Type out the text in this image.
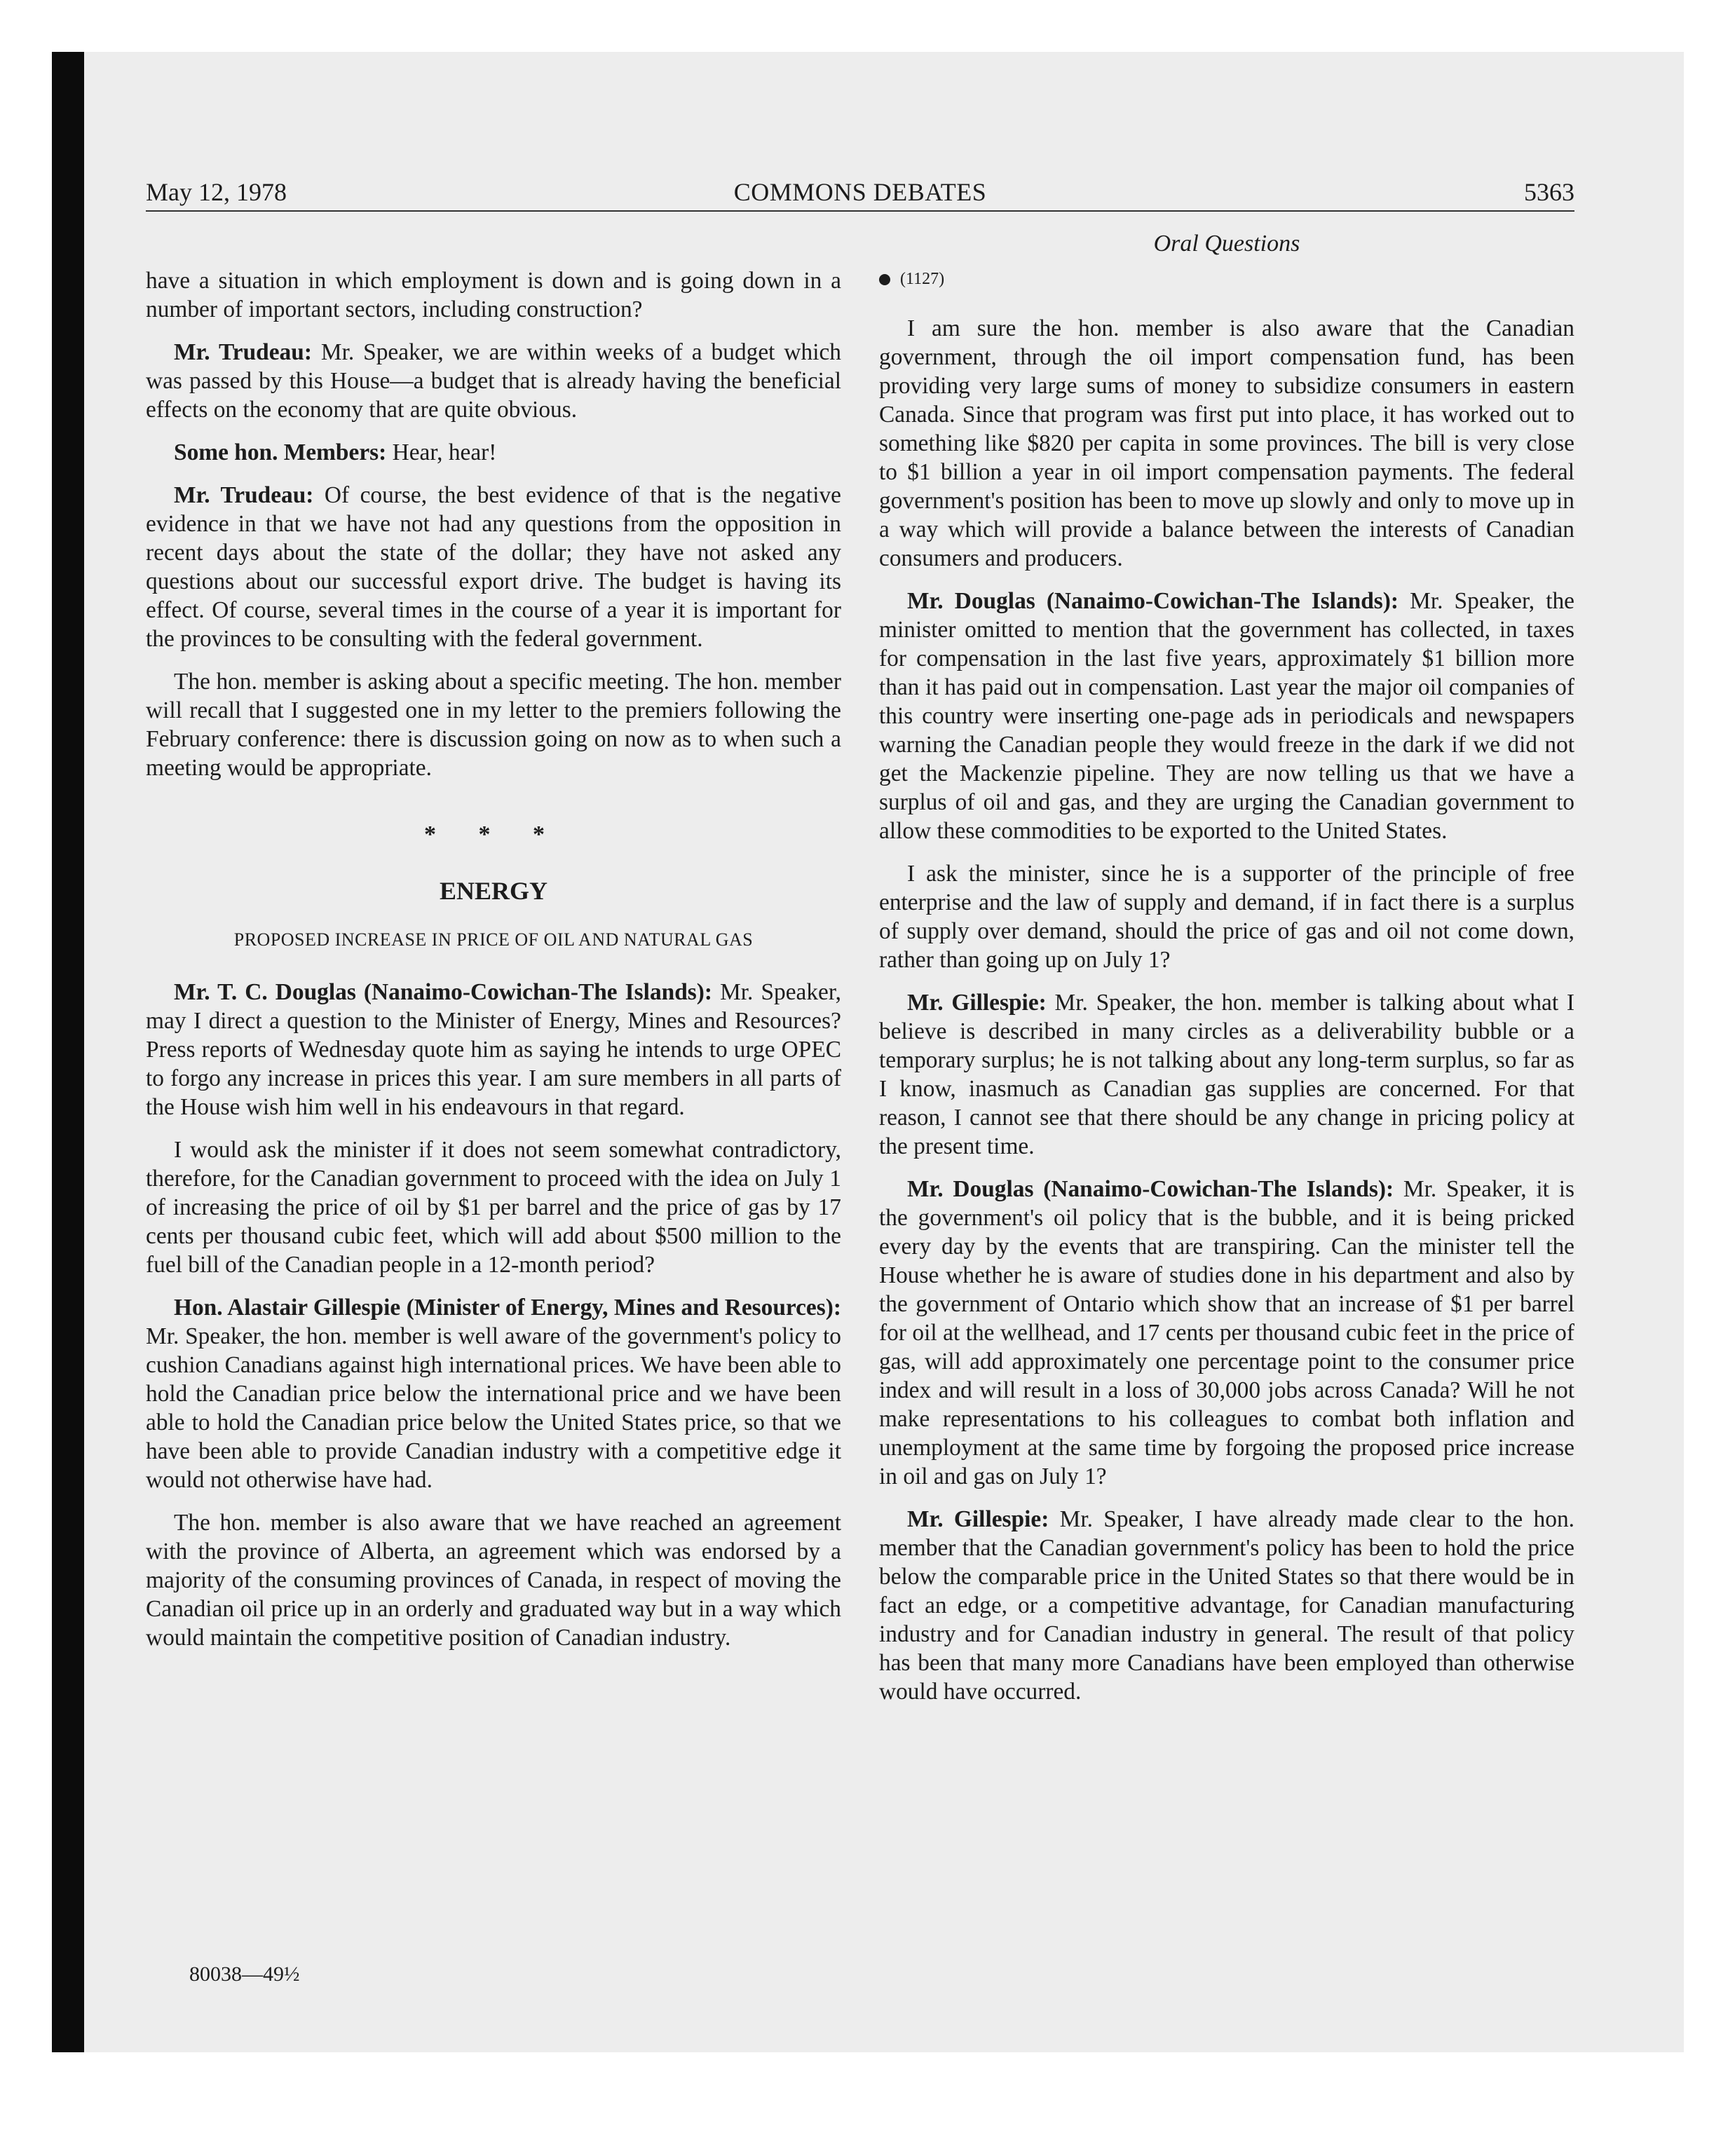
May 12, 1978	COMMONS DEBATES	5363

have a situation in which employment is down and is going down in a number of important sectors, including construction?

Mr. Trudeau: Mr. Speaker, we are within weeks of a budget which was passed by this House—a budget that is already having the beneficial effects on the economy that are quite obvious.

Some hon. Members: Hear, hear!

Mr. Trudeau: Of course, the best evidence of that is the negative evidence in that we have not had any questions from the opposition in recent days about the state of the dollar; they have not asked any questions about our successful export drive. The budget is having its effect. Of course, several times in the course of a year it is important for the provinces to be consulting with the federal government.

The hon. member is asking about a specific meeting. The hon. member will recall that I suggested one in my letter to the premiers following the February conference: there is discussion going on now as to when such a meeting would be appropriate.

* * *
ENERGY
PROPOSED INCREASE IN PRICE OF OIL AND NATURAL GAS

Mr. T. C. Douglas (Nanaimo-Cowichan-The Islands): Mr. Speaker, may I direct a question to the Minister of Energy, Mines and Resources? Press reports of Wednesday quote him as saying he intends to urge OPEC to forgo any increase in prices this year. I am sure members in all parts of the House wish him well in his endeavours in that regard.

I would ask the minister if it does not seem somewhat contradictory, therefore, for the Canadian government to proceed with the idea on July 1 of increasing the price of oil by $1 per barrel and the price of gas by 17 cents per thousand cubic feet, which will add about $500 million to the fuel bill of the Canadian people in a 12-month period?

Hon. Alastair Gillespie (Minister of Energy, Mines and Resources): Mr. Speaker, the hon. member is well aware of the government's policy to cushion Canadians against high international prices. We have been able to hold the Canadian price below the international price and we have been able to hold the Canadian price below the United States price, so that we have been able to provide Canadian industry with a competitive edge it would not otherwise have had.

The hon. member is also aware that we have reached an agreement with the province of Alberta, an agreement which was endorsed by a majority of the consuming provinces of Canada, in respect of moving the Canadian oil price up in an orderly and graduated way but in a way which would maintain the competitive position of Canadian industry.

Oral Questions
(1127)

I am sure the hon. member is also aware that the Canadian government, through the oil import compensation fund, has been providing very large sums of money to subsidize consumers in eastern Canada. Since that program was first put into place, it has worked out to something like $820 per capita in some provinces. The bill is very close to $1 billion a year in oil import compensation payments. The federal government's position has been to move up slowly and only to move up in a way which will provide a balance between the interests of Canadian consumers and producers.

Mr. Douglas (Nanaimo-Cowichan-The Islands): Mr. Speaker, the minister omitted to mention that the government has collected, in taxes for compensation in the last five years, approximately $1 billion more than it has paid out in compensation. Last year the major oil companies of this country were inserting one-page ads in periodicals and newspapers warning the Canadian people they would freeze in the dark if we did not get the Mackenzie pipeline. They are now telling us that we have a surplus of oil and gas, and they are urging the Canadian government to allow these commodities to be exported to the United States.

I ask the minister, since he is a supporter of the principle of free enterprise and the law of supply and demand, if in fact there is a surplus of supply over demand, should the price of gas and oil not come down, rather than going up on July 1?

Mr. Gillespie: Mr. Speaker, the hon. member is talking about what I believe is described in many circles as a deliverability bubble or a temporary surplus; he is not talking about any long-term surplus, so far as I know, inasmuch as Canadian gas supplies are concerned. For that reason, I cannot see that there should be any change in pricing policy at the present time.

Mr. Douglas (Nanaimo-Cowichan-The Islands): Mr. Speaker, it is the government's oil policy that is the bubble, and it is being pricked every day by the events that are transpiring. Can the minister tell the House whether he is aware of studies done in his department and also by the government of Ontario which show that an increase of $1 per barrel for oil at the wellhead, and 17 cents per thousand cubic feet in the price of gas, will add approximately one percentage point to the consumer price index and will result in a loss of 30,000 jobs across Canada? Will he not make representations to his colleagues to combat both inflation and unemployment at the same time by forgoing the proposed price increase in oil and gas on July 1?

Mr. Gillespie: Mr. Speaker, I have already made clear to the hon. member that the Canadian government's policy has been to hold the price below the comparable price in the United States so that there would be in fact an edge, or a competitive advantage, for Canadian manufacturing industry and for Canadian industry in general. The result of that policy has been that many more Canadians have been employed than otherwise would have occurred.

80038—49½
